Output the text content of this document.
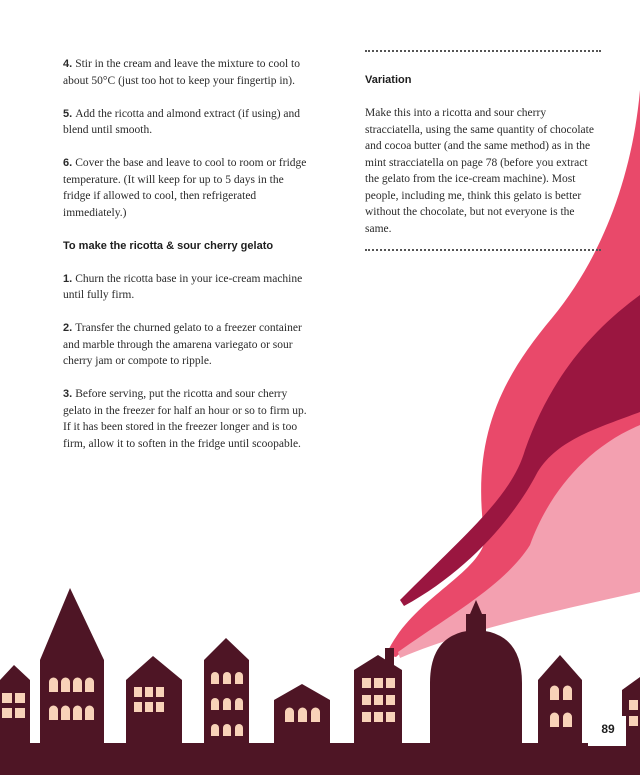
4. Stir in the cream and leave the mixture to cool to about 50°C (just too hot to keep your fingertip in).

5. Add the ricotta and almond extract (if using) and blend until smooth.

6. Cover the base and leave to cool to room or fridge temperature. (It will keep for up to 5 days in the fridge if allowed to cool, then refrigerated immediately.)

To make the ricotta & sour cherry gelato

1. Churn the ricotta base in your ice-cream machine until fully firm.

2. Transfer the churned gelato to a freezer container and marble through the amarena variegato or sour cherry jam or compote to ripple.

3. Before serving, put the ricotta and sour cherry gelato in the freezer for half an hour or so to firm up. If it has been stored in the freezer longer and is too firm, allow it to soften in the fridge until scoopable.

Variation

Make this into a ricotta and sour cherry stracciatella, using the same quantity of chocolate and cocoa butter (and the same method) as in the mint stracciatella on page 78 (before you extract the gelato from the ice-cream machine). Most people, including me, think this gelato is better without the chocolate, but not everyone is the same.

89
